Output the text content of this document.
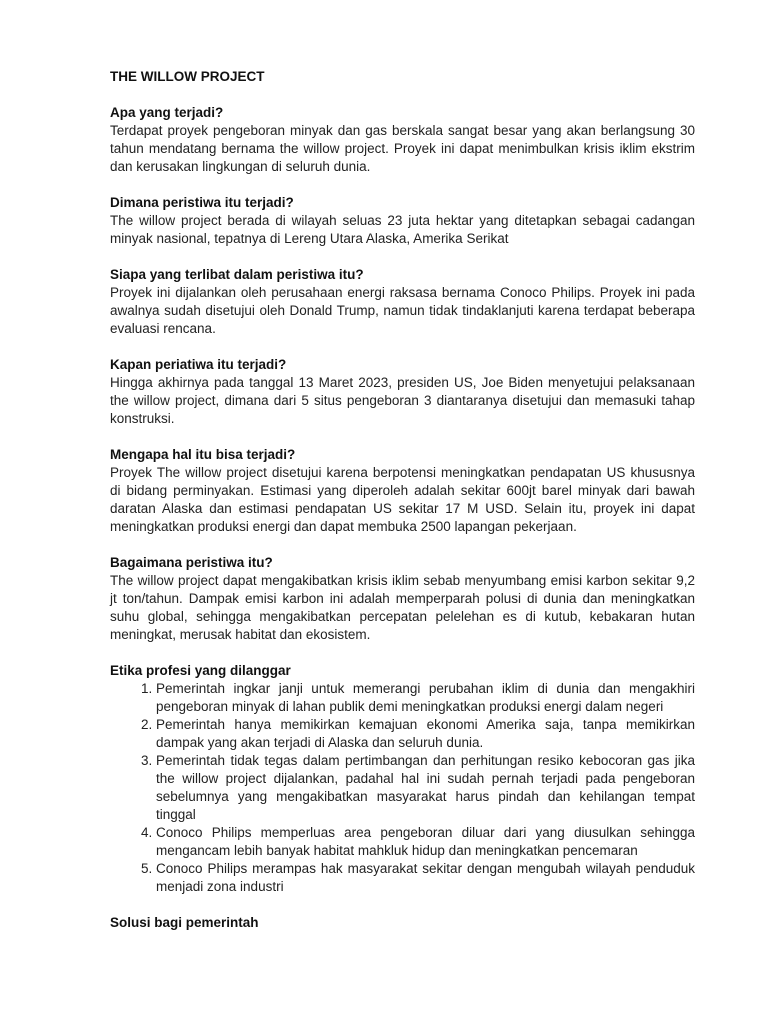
THE WILLOW PROJECT
Apa yang terjadi?
Terdapat proyek pengeboran minyak dan gas berskala sangat besar yang akan berlangsung 30 tahun mendatang bernama the willow project. Proyek ini dapat menimbulkan krisis iklim ekstrim dan kerusakan lingkungan di seluruh dunia.
Dimana peristiwa itu terjadi?
The willow project berada di wilayah seluas 23 juta hektar yang ditetapkan sebagai cadangan minyak nasional, tepatnya di Lereng Utara Alaska, Amerika Serikat
Siapa yang terlibat dalam peristiwa itu?
Proyek ini dijalankan oleh perusahaan energi raksasa bernama Conoco Philips. Proyek ini pada awalnya sudah disetujui oleh Donald Trump, namun tidak tindaklanjuti karena terdapat beberapa evaluasi rencana.
Kapan periatiwa itu terjadi?
Hingga akhirnya pada tanggal 13 Maret 2023, presiden US, Joe Biden menyetujui pelaksanaan the willow project, dimana dari 5 situs pengeboran 3 diantaranya disetujui dan memasuki tahap konstruksi.
Mengapa hal itu bisa terjadi?
Proyek The willow project disetujui karena berpotensi meningkatkan pendapatan US khususnya di bidang perminyakan. Estimasi yang diperoleh adalah sekitar 600jt barel minyak dari bawah daratan Alaska dan estimasi pendapatan US sekitar 17 M USD. Selain itu, proyek ini dapat meningkatkan produksi energi dan dapat membuka 2500 lapangan pekerjaan.
Bagaimana peristiwa itu?
The willow project dapat mengakibatkan krisis iklim sebab menyumbang emisi karbon sekitar 9,2 jt ton/tahun. Dampak emisi karbon ini adalah memperparah polusi di dunia dan meningkatkan suhu global, sehingga mengakibatkan percepatan pelelehan es di kutub, kebakaran hutan meningkat, merusak habitat dan ekosistem.
Etika profesi yang dilanggar
1. Pemerintah ingkar janji untuk memerangi perubahan iklim di dunia dan mengakhiri pengeboran minyak di lahan publik demi meningkatkan produksi energi dalam negeri
2. Pemerintah hanya memikirkan kemajuan ekonomi Amerika saja, tanpa memikirkan dampak yang akan terjadi di Alaska dan seluruh dunia.
3. Pemerintah tidak tegas dalam pertimbangan dan perhitungan resiko kebocoran gas jika the willow project dijalankan, padahal hal ini sudah pernah terjadi pada pengeboran sebelumnya yang mengakibatkan masyarakat harus pindah dan kehilangan tempat tinggal
4. Conoco Philips memperluas area pengeboran diluar dari yang diusulkan sehingga mengancam lebih banyak habitat mahkluk hidup dan meningkatkan pencemaran
5. Conoco Philips merampas hak masyarakat sekitar dengan mengubah wilayah penduduk menjadi zona industri
Solusi bagi pemerintah
